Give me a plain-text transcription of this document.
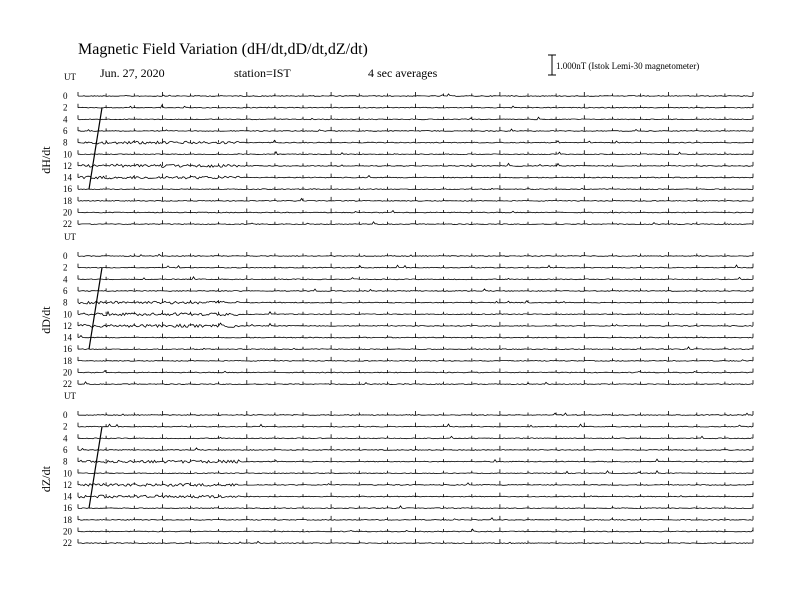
Magnetic Field Variation (dH/dt,dD/dt,dZ/dt)
Jun. 27, 2020	station=IST	4 sec averages	1.000nT (Istok Lemi-30 magnetometer)
UT
dH/dt
0
2
4
6
8
10
12
14
16
18
20
22
UT
dD/dt
0
2
4
6
8
10
12
14
16
18
20
22
UT
dZ/dt
0
2
4
6
8
10
12
14
16
18
20
22
